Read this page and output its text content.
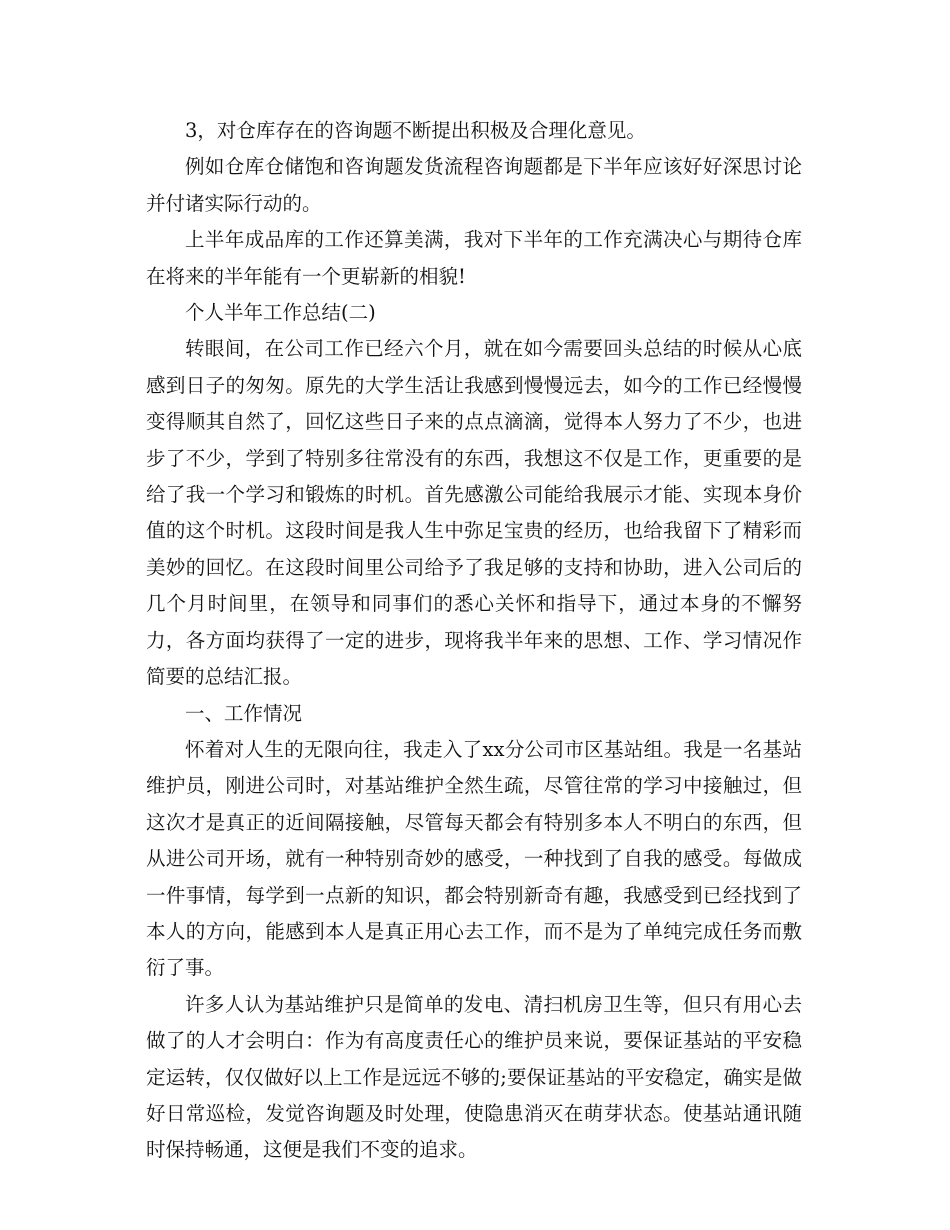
3，对仓库存在的咨询题不断提出积极及合理化意见。

例如仓库仓储饱和咨询题发货流程咨询题都是下半年应该好好深思讨论并付诸实际行动的。

上半年成品库的工作还算美满，我对下半年的工作充满决心与期待仓库在将来的半年能有一个更崭新的相貌!

个人半年工作总结(二)

转眼间，在公司工作已经六个月，就在如今需要回头总结的时候从心底感到日子的匆匆。原先的大学生活让我感到慢慢远去，如今的工作已经慢慢变得顺其自然了，回忆这些日子来的点点滴滴，觉得本人努力了不少，也进步了不少，学到了特别多往常没有的东西，我想这不仅是工作，更重要的是给了我一个学习和锻炼的时机。首先感激公司能给我展示才能、实现本身价值的这个时机。这段时间是我人生中弥足宝贵的经历，也给我留下了精彩而美妙的回忆。在这段时间里公司给予了我足够的支持和协助，进入公司后的几个月时间里，在领导和同事们的悉心关怀和指导下，通过本身的不懈努力，各方面均获得了一定的进步，现将我半年来的思想、工作、学习情况作简要的总结汇报。

一、工作情况

怀着对人生的无限向往，我走入了xx分公司市区基站组。我是一名基站维护员，刚进公司时，对基站维护全然生疏，尽管往常的学习中接触过，但这次才是真正的近间隔接触，尽管每天都会有特别多本人不明白的东西，但从进公司开场，就有一种特别奇妙的感受，一种找到了自我的感受。每做成一件事情，每学到一点新的知识，都会特别新奇有趣，我感受到已经找到了本人的方向，能感到本人是真正用心去工作，而不是为了单纯完成任务而敷衍了事。

许多人认为基站维护只是简单的发电、清扫机房卫生等，但只有用心去做了的人才会明白：作为有高度责任心的维护员来说，要保证基站的平安稳定运转，仅仅做好以上工作是远远不够的;要保证基站的平安稳定，确实是做好日常巡检，发觉咨询题及时处理，使隐患消灭在萌芽状态。使基站通讯随时保持畅通，这便是我们不变的追求。
